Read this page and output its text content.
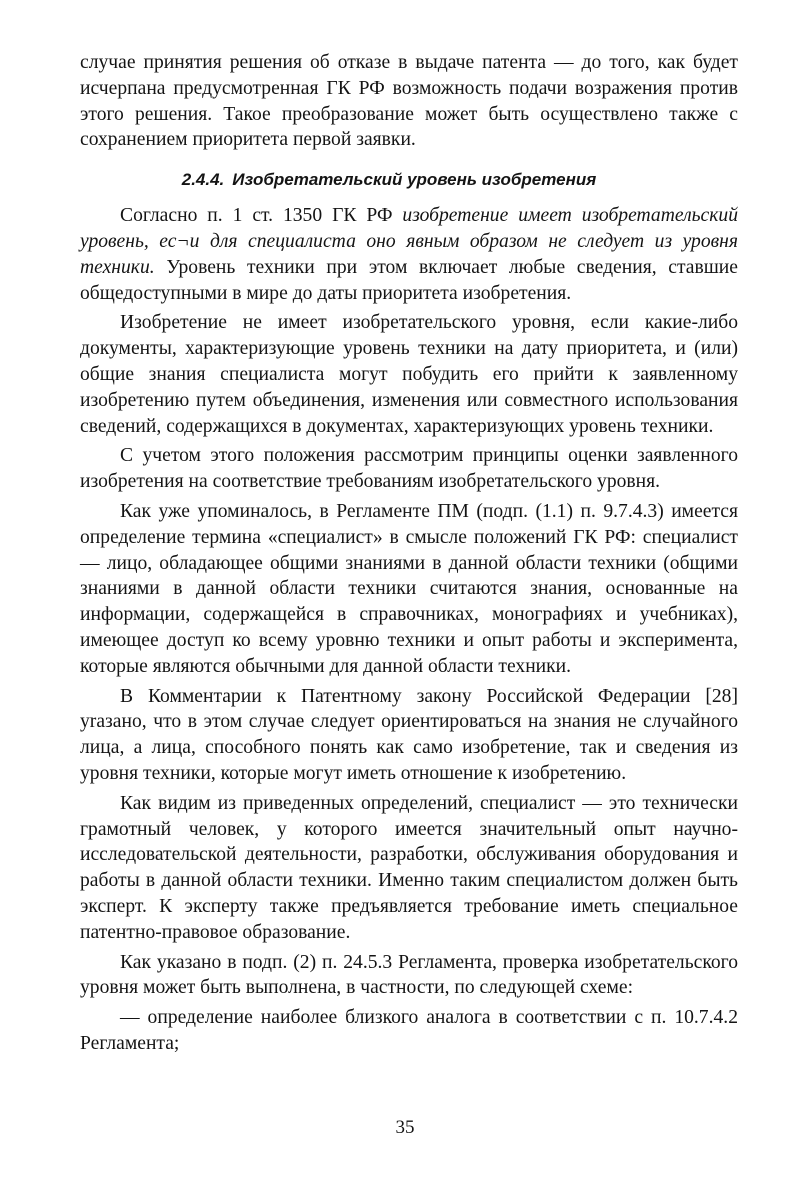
случае принятия решения об отказе в выдаче патента — до того, как будет исчерпана предусмотренная ГК РФ возможность подачи возражения против этого решения. Такое преобразование может быть осуществлено также с сохранением приоритета первой заявки.

2.4.4. Изобретательский уровень изобретения

Согласно п. 1 ст. 1350 ГК РФ изобретение имеет изобретательский уровень, ес¬и для специалиста оно явным образом не следует из уровня техники. Уровень техники при этом включает любые сведения, ставшие общедоступными в мире до даты приоритета изобретения.

Изобретение не имеет изобретательского уровня, если какие-либо документы, характеризующие уровень техники на дату приоритета, и (или) общие знания специалиста могут побудить его прийти к заявленному изобретению путем объединения, изменения или совместного использования сведений, содержащихся в документах, характеризующих уровень техники.

С учетом этого положения рассмотрим принципы оценки заявленного изобретения на соответствие требованиям изобретательского уровня.

Как уже упоминалось, в Регламенте ПМ (подп. (1.1) п. 9.7.4.3) имеется определение термина «специалист» в смысле положений ГК РФ: специалист — лицо, обладающее общими знаниями в данной области техники (общими знаниями в данной области техники считаются знания, основанные на информации, содержащейся в справочниках, монографиях и учебниках), имеющее доступ ко всему уровню техники и опыт работы и эксперимента, которые являются обычными для данной области техники.

В Комментарии к Патентному закону Российской Федерации [28] уrазано, что в этом случае следует ориентироваться на знания не случайного лица, а лица, способного понять как само изобретение, так и сведения из уровня техники, которые могут иметь отношение к изобретению.

Как видим из приведенных определений, специалист — это технически грамотный человек, у которого имеется значительный опыт научно-исследовательской деятельности, разработки, обслуживания оборудования и работы в данной области техники. Именно таким специалистом должен быть эксперт. К эксперту также предъявляется требование иметь специальное патентно-правовое образование.

Как указано в подп. (2) п. 24.5.3 Регламента, проверка изобретательского уровня может быть выполнена, в частности, по следующей схеме:

— определение наиболее близкого аналога в соответствии с п. 10.7.4.2 Регламента;

35
